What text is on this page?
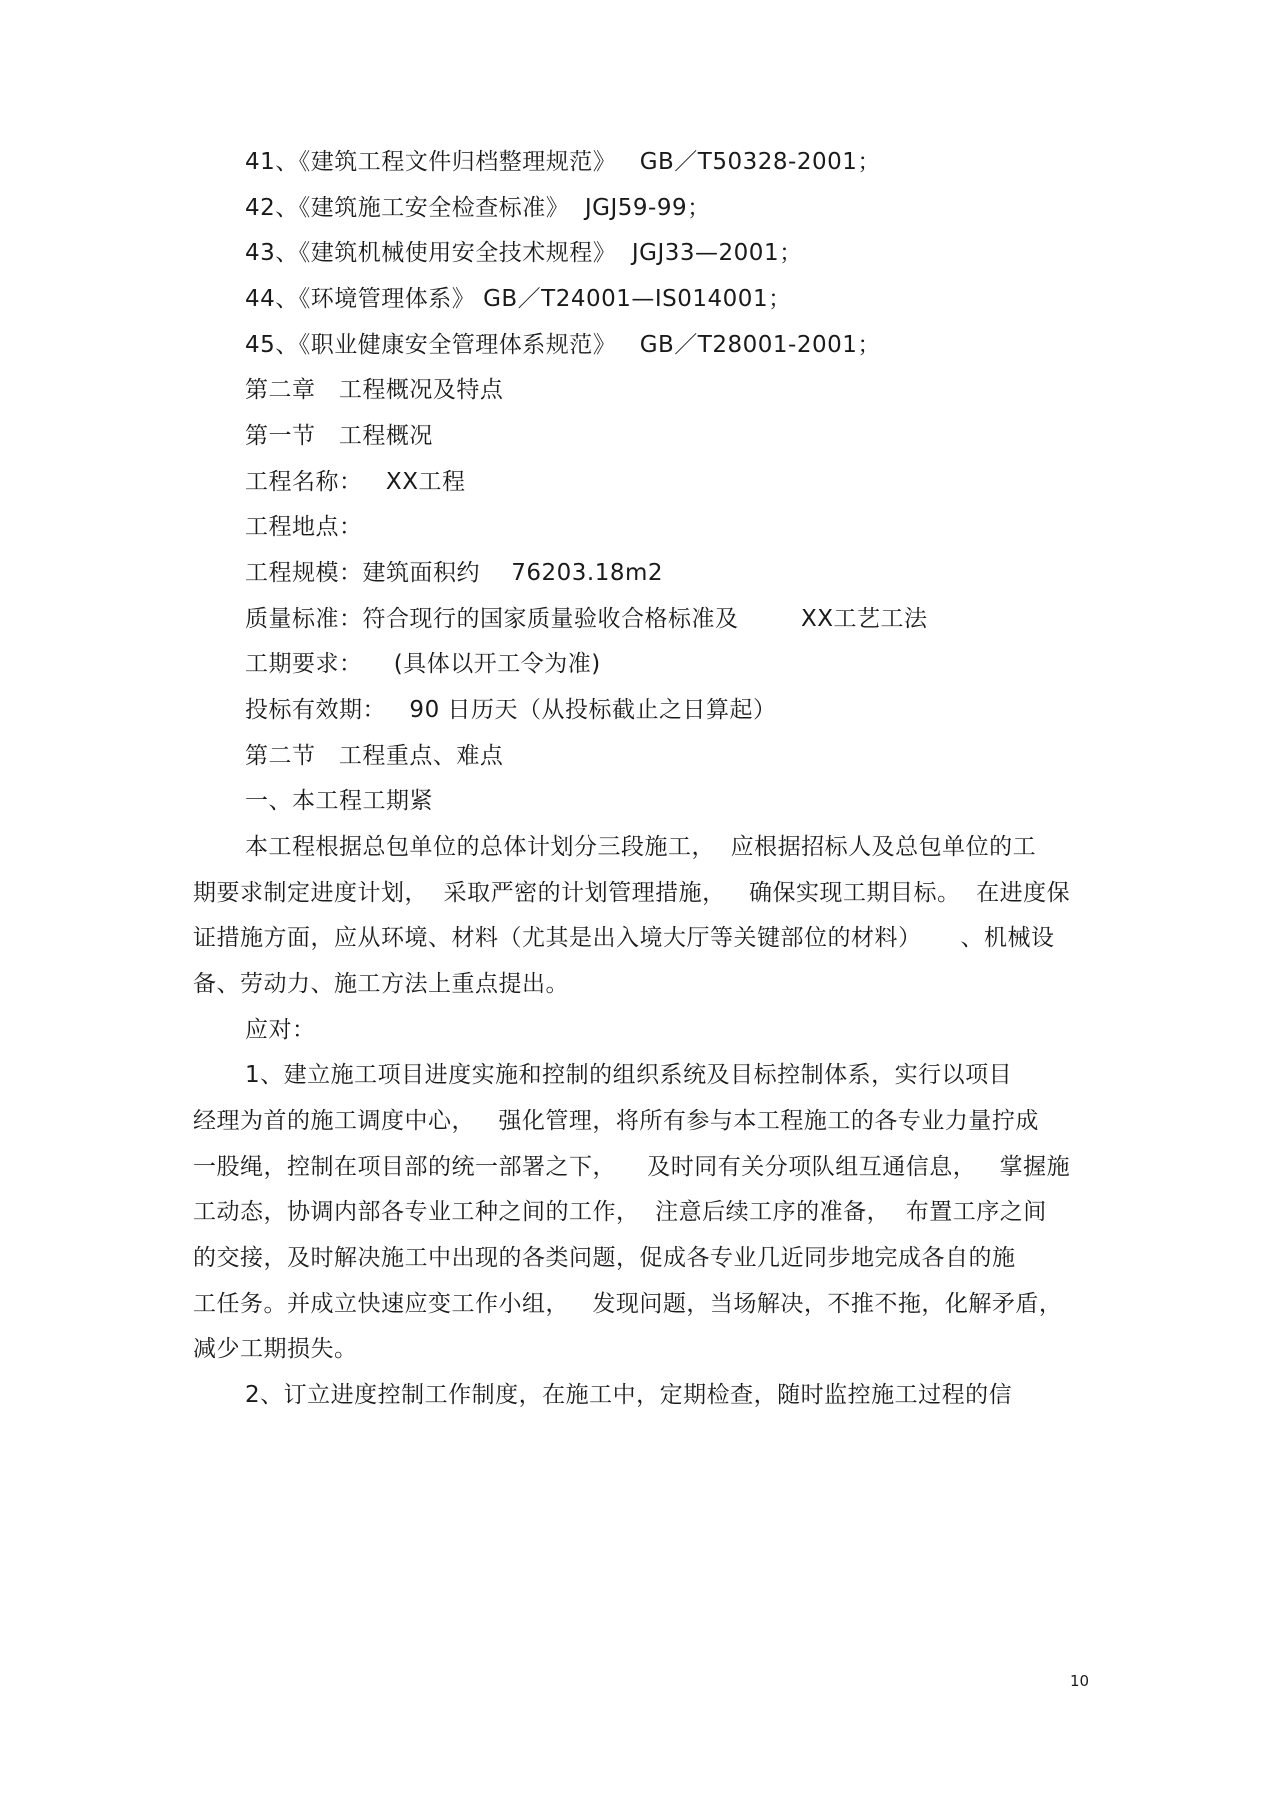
41、《建筑工程文件归档整理规范》   GB／T50328-2001；
42、《建筑施工安全检查标准》  JGJ59-99；
43、《建筑机械使用安全技术规程》  JGJ33—2001；
44、《环境管理体系》 GB／T24001—IS014001；
45、《职业健康安全管理体系规范》   GB／T28001-2001；
第二章   工程概况及特点
第一节   工程概况
工程名称：   XX工程
工程地点：
工程规模：建筑面积约    76203.18m2
质量标准：符合现行的国家质量验收合格标准及        XX工艺工法
工期要求：    (具体以开工令为准)
投标有效期：   90 日历天（从投标截止之日算起）
第二节   工程重点、难点
一、本工程工期紧
本工程根据总包单位的总体计划分三段施工，  应根据招标人及总包单位的工
期要求制定进度计划，  采取严密的计划管理措施，   确保实现工期目标。  在进度保
证措施方面，应从环境、材料（尤其是出入境大厅等关键部位的材料）     、机械设
备、劳动力、施工方法上重点提出。
应对：
1、建立施工项目进度实施和控制的组织系统及目标控制体系，实行以项目
经理为首的施工调度中心，   强化管理，将所有参与本工程施工的各专业力量拧成
一股绳，控制在项目部的统一部署之下，    及时同有关分项队组互通信息，   掌握施
工动态，协调内部各专业工种之间的工作，  注意后续工序的准备，  布置工序之间
的交接，及时解决施工中出现的各类问题，促成各专业几近同步地完成各自的施
工任务。并成立快速应变工作小组，   发现问题，当场解决，不推不拖，化解矛盾，
减少工期损失。
2、订立进度控制工作制度，在施工中，定期检查，随时监控施工过程的信
10
